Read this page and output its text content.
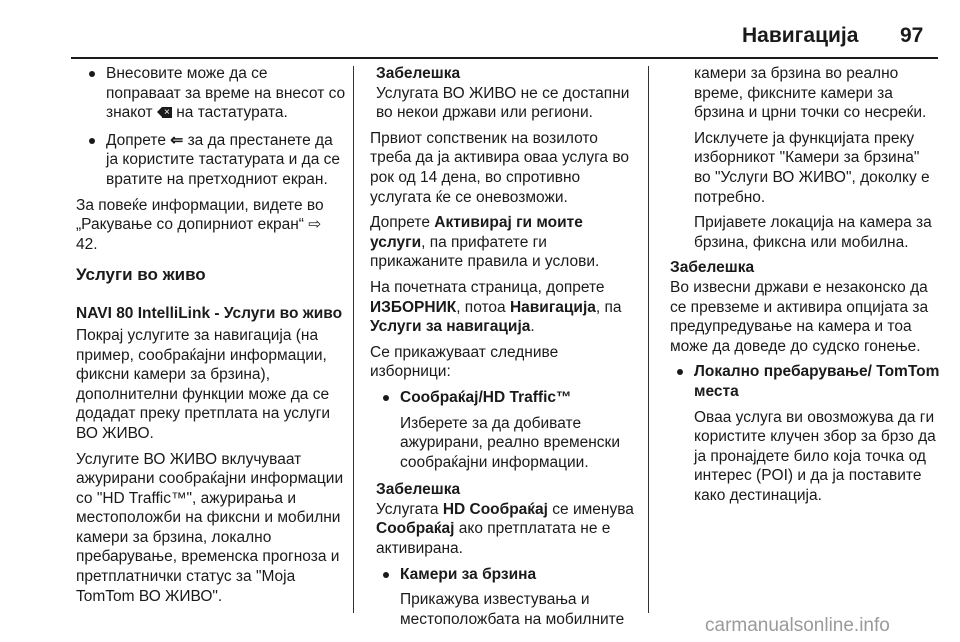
Навигација 97
Внесовите може да се поправаат за време на внесот со знакот × на тастатурата.
Допрете ⇐ за да престанете да ја користите тастатурата и да се вратите на претходниот екран.

За повеќе информации, видете во „Ракување со допирниот екран“ ⇨ 42.

Услуги во живо

NAVI 80 IntelliLink - Услуги во живо

Покрај услугите за навигација (на пример, сообраќајни информации, фиксни камери за брзина), дополнителни функции може да се додадат преку претплата на услуги ВО ЖИВО.

Услугите ВО ЖИВО вклучуваат ажурирани сообраќајни информации со "HD Traffic™", ажурирања и местоположби на фиксни и мобилни камери за брзина, локално пребарување, временска прогноза и претплатнички статус за "Моја TomTom ВО ЖИВО".

Забелешка

Услугата ВО ЖИВО не се достапни во некои држави или региони.

Првиот сопственик на возилото треба да ја активира оваа услуга во рок од 14 дена, во спротивно услугата ќе се оневозможи.

Допрете Активирај ги моите услуги, па прифатете ги прикажаните правила и услови.

На почетната страница, допрете ИЗБОРНИК, потоа Навигација, па Услуги за навигација.

Се прикажуваат следниве изборници:

Сообраќај/HD Traffic™
Изберете за да добивате ажурирани, реално временски сообраќајни информации.
Забелешка

Услугата HD Сообраќај се именува Сообраќај ако претплатата не е активирана.

Камери за брзина
Прикажува известувања и местоположбата на мобилните

камери за брзина во реално време, фиксните камери за брзина и црни точки со несреќи.

Исклучете ја функцијата преку изборникот "Камери за брзина" во "Услуги ВО ЖИВО", доколку е потребно.

Пријавете локација на камера за брзина, фиксна или мобилна.

Забелешка

Во извесни држави е незаконско да се превземе и активира опцијата за предупредување на камера и тоа може да доведе до судско гонење.

Локално пребарување/ TomTom места
Оваа услуга ви овозможува да ги користите клучен збор за брзо да ја пронајдете било која точка од интерес (POI) и да ја поставите како дестинација.
carmanualsonline.info
